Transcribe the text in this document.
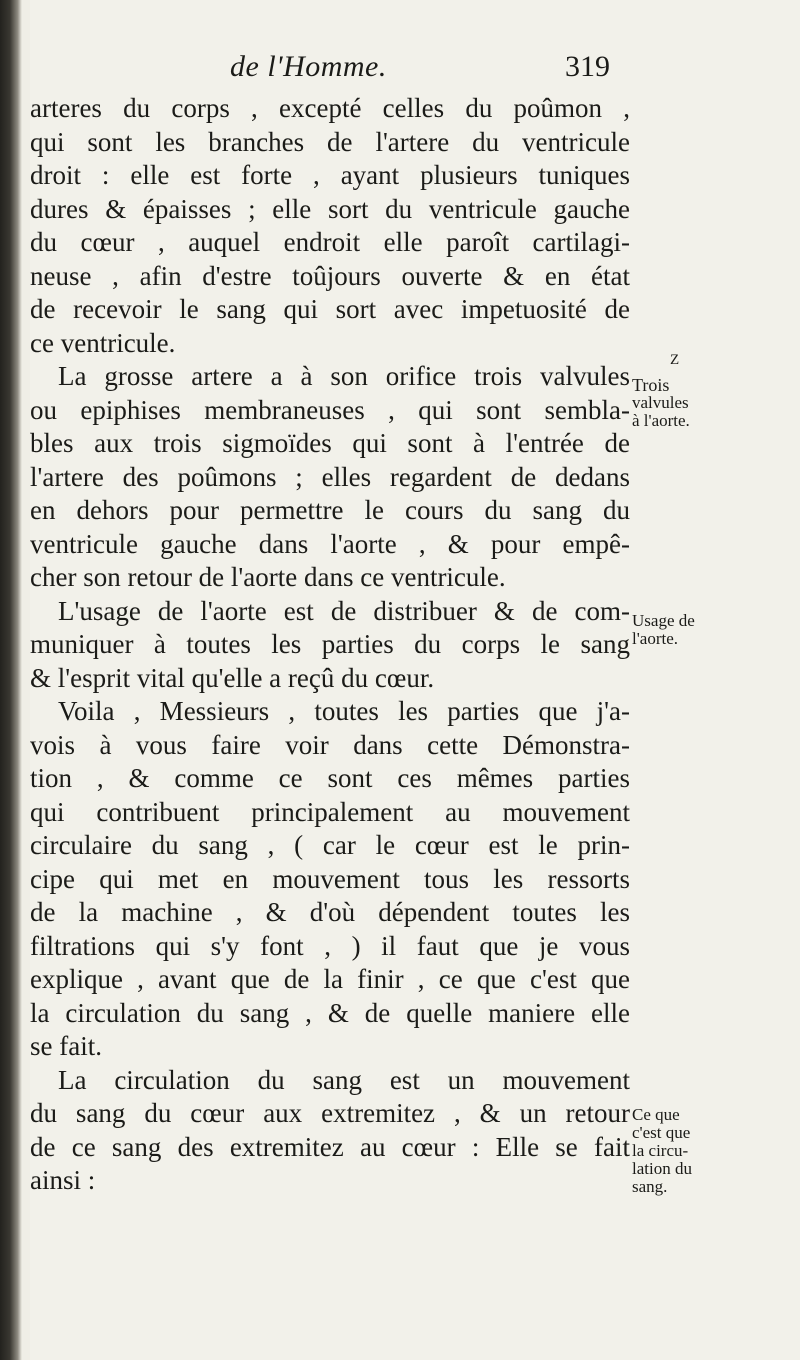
de l'Homme.	319
arteres du corps , excepté celles du poûmon ,
qui sont les branches de l'artere du ventricule
droit : elle est forte , ayant plusieurs tuniques
dures & épaisses ; elle sort du ventricule gauche
du cœur , auquel endroit elle paroît cartilagi-
neuse , afin d'estre toûjours ouverte & en état
de recevoir le sang qui sort avec impetuosité de
ce ventricule.
La grosse artere a à son orifice trois valvules
ou epiphises membraneuses , qui sont sembla-
bles aux trois sigmoïdes qui sont à l'entrée de
l'artere des poûmons ; elles regardent de dedans
en dehors pour permettre le cours du sang du
ventricule gauche dans l'aorte , & pour empê-
cher son retour de l'aorte dans ce ventricule.
L'usage de l'aorte est de distribuer & de com-
muniquer à toutes les parties du corps le sang
& l'esprit vital qu'elle a reçû du cœur.
Voila , Messieurs , toutes les parties que j'a-
vois à vous faire voir dans cette Démonstra-
tion , & comme ce sont ces mêmes parties
qui contribuent principalement au mouvement
circulaire du sang , ( car le cœur est le prin-
cipe qui met en mouvement tous les ressorts
de la machine , & d'où dépendent toutes les
filtrations qui s'y font , ) il faut que je vous
explique , avant que de la finir , ce que c'est que
la circulation du sang , & de quelle maniere elle
se fait.
La circulation du sang est un mouvement
du sang du cœur aux extremitez , & un retour
de ce sang des extremitez au cœur : Elle se fait
ainsi :
Z
Trois
valvules
à l'aorte.
Usage de
l'aorte.
Ce que
c'est que
la circu-
lation du
sang.
